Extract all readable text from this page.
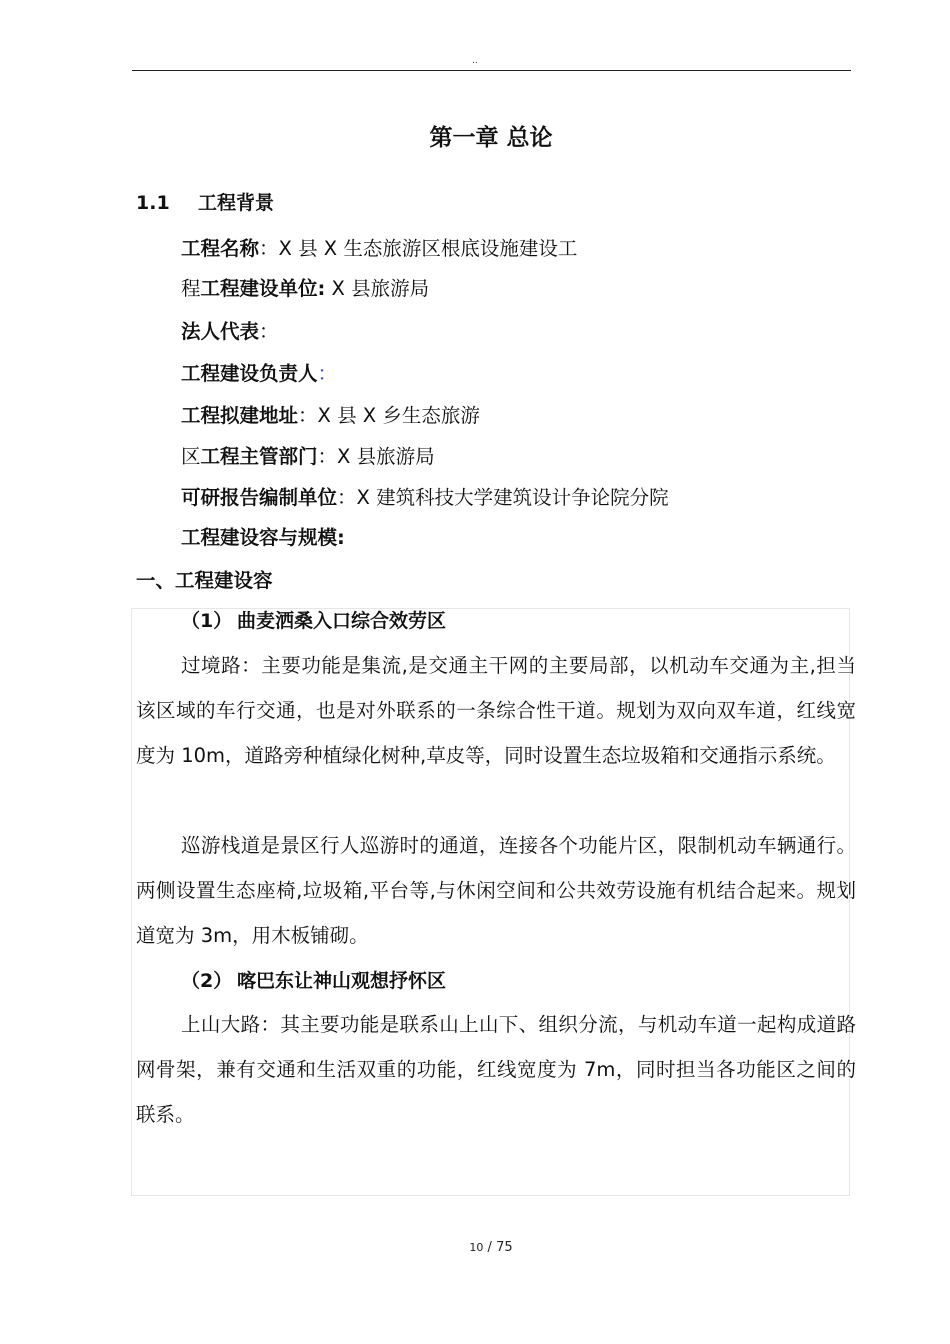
..
第一章 总论
1.1 工程背景
工程名称：X 县 X 生态旅游区根底设施建设工
程工程建设单位: X 县旅游局
法人代表：
工程建设负责人：
工程拟建地址：X 县 X 乡生态旅游
区工程主管部门：X 县旅游局
可研报告编制单位：X 建筑科技大学建筑设计争论院分院
工程建设容与规模:
一、工程建设容
（1） 曲麦洒桑入口综合效劳区

过境路：主要功能是集流,是交通主干网的主要局部，以机动车交通为主,担当该区域的车行交通，也是对外联系的一条综合性干道。规划为双向双车道，红线宽度为 10m，道路旁种植绿化树种,草皮等，同时设置生态垃圾箱和交通指示系统。

巡游栈道是景区行人巡游时的通道，连接各个功能片区，限制机动车辆通行。两侧设置生态座椅,垃圾箱,平台等,与休闲空间和公共效劳设施有机结合起来。规划道宽为 3m，用木板铺砌。

（2） 喀巴东让神山观想抒怀区

上山大路：其主要功能是联系山上山下、组织分流，与机动车道一起构成道路网骨架，兼有交通和生活双重的功能，红线宽度为 7m，同时担当各功能区之间的联系。

10 / 75
